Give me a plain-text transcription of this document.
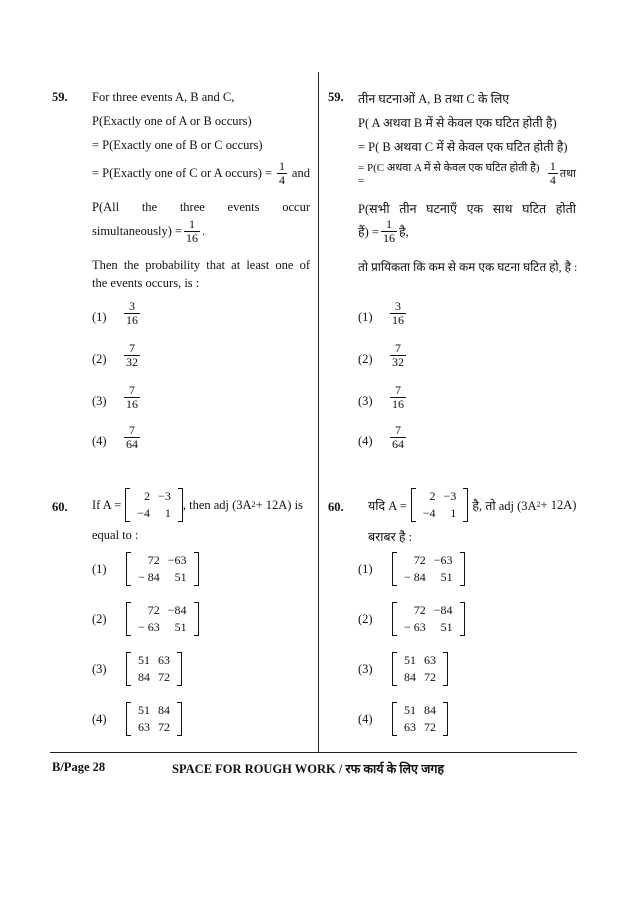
59. For three events A, B and C,
P(Exactly one of A or B occurs)
= P(Exactly one of B or C occurs)
= P(Exactly one of C or A occurs) = $\frac{1}{4}$ and
P(All the three events occur
simultaneously) = $\frac{1}{16}$ .
Then the probability that at least one of
the events occurs, is :
$(1) \frac{3}{16}$
$(2) \frac{7}{32}$
$(3) \frac{7}{16}$
$(4) \frac{7}{64}$
59. तीन घटनाओं A, B तथा C के लिए
P( A अथवा B में से केवल एक घटित होती है)
= P( B अथवा C में से केवल एक घटित होती है)
= P(C अथवा A में से केवल एक घटित होती है) =	$\frac{1}{4}$ तथा
P(सभी तीन घटनाएँ एक साथ घटित होती
हैं) = $\frac{1}{16}$ है,
तो प्रायिकता कि कम से कम एक घटना घटित हो, है :
$(1) \frac{3}{16}$
$(2) \frac{7}{32}$
$(3) \frac{7}{16}$
$(4) \frac{7}{64}$
60. If A =
2	−3
−4	1
, then adj (3A 2 + 12A) is
equal to :
(1)
72	−63
− 84	51
(2)
72	−84
− 63	51
(3)
51	63
84	72
(4)
51	84
63	72
60. यदि A =
2	−3
−4	1
है, तो adj (3A 2 + 12A)
बराबर है :
(1)
72	−63
− 84	51
(2)
72	−84
− 63	51
(3)
51	63
84	72
(4)
51	84
63	72
B/Page 28	SPACE FOR ROUGH WORK / रफ कार्य के लिए जगह
